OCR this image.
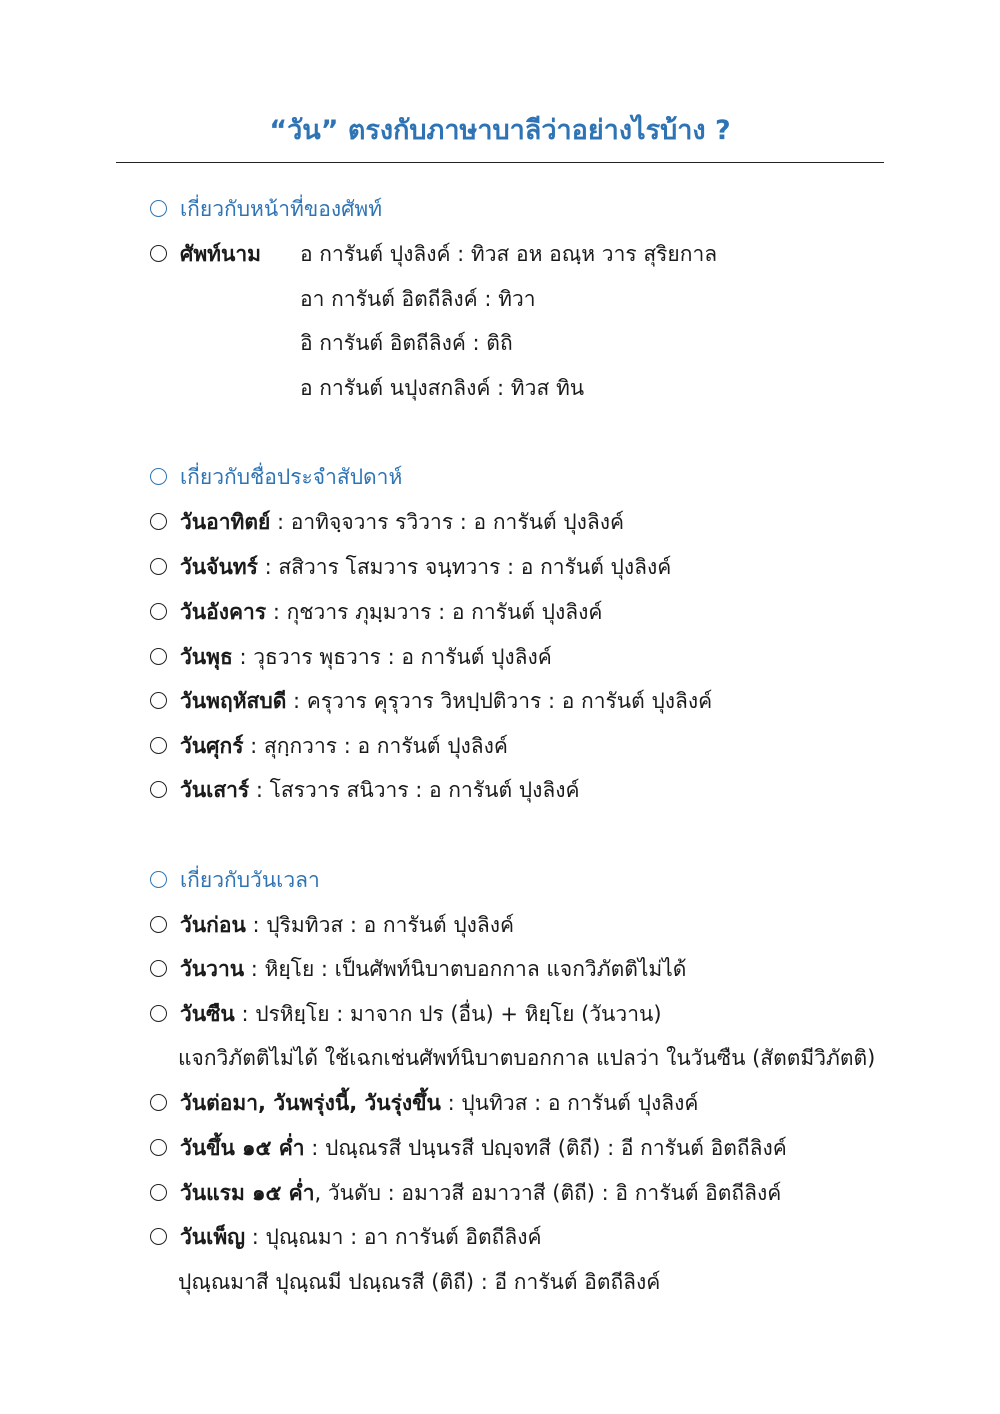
“วัน” ตรงกับภาษาบาลีว่าอย่างไรบ้าง ?
เกี่ยวกับหน้าที่ของศัพท์
ศัพท์นาม อ การันต์ ปุงลิงค์ : ทิวส อห อณฺห วาร สุริยกาล
อา การันต์ อิตถีลิงค์ : ทิวา
อิ การันต์ อิตถีลิงค์ : ติถิ
อ การันต์ นปุงสกลิงค์ : ทิวส ทิน
เกี่ยวกับชื่อประจำสัปดาห์
วันอาทิตย์ : อาทิจฺจวาร รวิวาร : อ การันต์ ปุงลิงค์
วันจันทร์ : สสิวาร โสมวาร จนฺทวาร : อ การันต์ ปุงลิงค์
วันอังคาร : กุชวาร ภุมฺมวาร : อ การันต์ ปุงลิงค์
วันพุธ : วุธวาร พุธวาร : อ การันต์ ปุงลิงค์
วันพฤหัสบดี : ครุวาร คุรุวาร วิหปฺปติวาร : อ การันต์ ปุงลิงค์
วันศุกร์ : สุกฺกวาร : อ การันต์ ปุงลิงค์
วันเสาร์ : โสรวาร สนิวาร : อ การันต์ ปุงลิงค์
เกี่ยวกับวันเวลา
วันก่อน : ปุริมทิวส : อ การันต์ ปุงลิงค์
วันวาน : หิยฺโย : เป็นศัพท์นิบาตบอกกาล แจกวิภัตติไม่ได้
วันซืน : ปรหิยฺโย : มาจาก ปร (อื่น) + หิยฺโย (วันวาน)
แจกวิภัตติไม่ได้ ใช้เฉกเช่นศัพท์นิบาตบอกกาล แปลว่า ในวันซืน (สัตตมีวิภัตติ)
วันต่อมา, วันพรุ่งนี้, วันรุ่งขึ้น : ปุนทิวส : อ การันต์ ปุงลิงค์
วันขึ้น ๑๕ ค่ำ : ปณฺณรสี ปนฺนรสี ปญฺจทสี (ติถี) : อี การันต์ อิตถีลิงค์
วันแรม ๑๕ ค่ำ, วันดับ : อมาวสี อมาวาสี (ติถี) : อิ การันต์ อิตถีลิงค์
วันเพ็ญ : ปุณฺณมา : อา การันต์ อิตถีลิงค์
ปุณฺณมาสี ปุณฺณมี ปณฺณรสี (ติถี) : อี การันต์ อิตถีลิงค์
